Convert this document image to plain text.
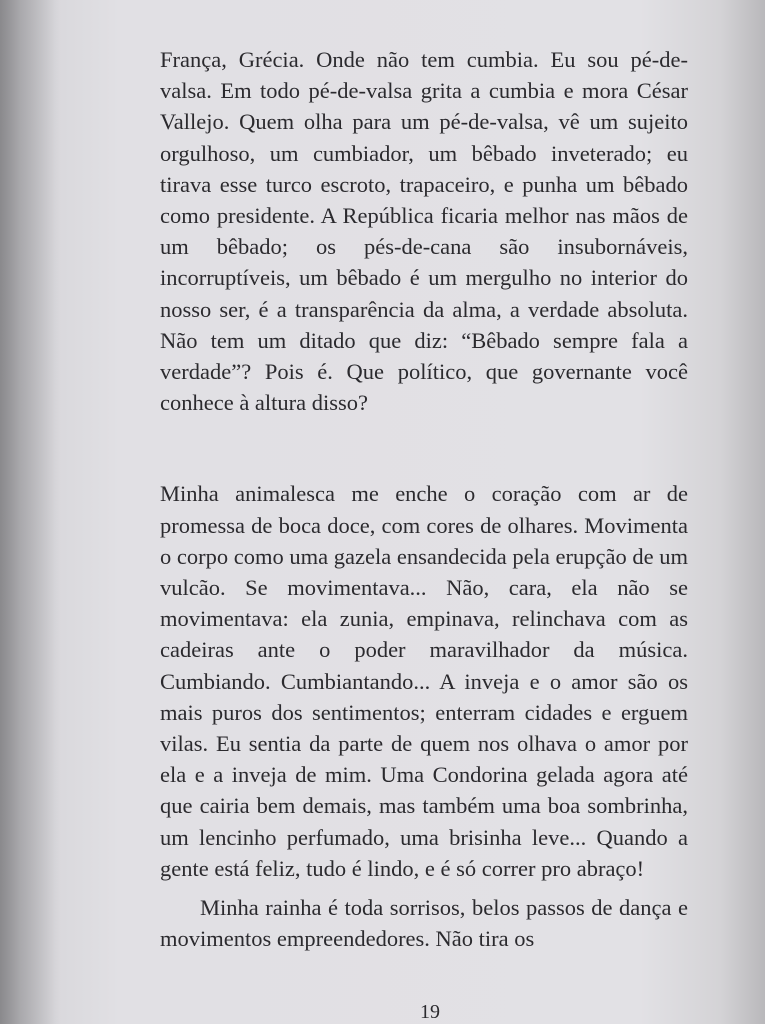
França, Grécia. Onde não tem cumbia. Eu sou pé-de-valsa. Em todo pé-de-valsa grita a cumbia e mora César Vallejo. Quem olha para um pé-de-valsa, vê um sujeito orgulhoso, um cumbiador, um bêbado inveterado; eu tirava esse turco escroto, trapaceiro, e punha um bêbado como presidente. A República ficaria melhor nas mãos de um bêbado; os pés-de-cana são insubornáveis, incorruptíveis, um bêbado é um mergulho no interior do nosso ser, é a transparência da alma, a verdade absoluta. Não tem um ditado que diz: “Bêbado sempre fala a verdade”? Pois é. Que político, que governante você conhece à altura disso?

Minha animalesca me enche o coração com ar de promessa de boca doce, com cores de olhares. Movimenta o corpo como uma gazela ensandecida pela erupção de um vulcão. Se movimentava... Não, cara, ela não se movimentava: ela zunia, empinava, relinchava com as cadeiras ante o poder maravilhador da música. Cumbiando. Cumbiantando... A inveja e o amor são os mais puros dos sentimentos; enterram cidades e erguem vilas. Eu sentia da parte de quem nos olhava o amor por ela e a inveja de mim. Uma Condorina gelada agora até que cairia bem demais, mas também uma boa sombrinha, um lencinho perfumado, uma brisinha leve... Quando a gente está feliz, tudo é lindo, e é só correr pro abraço!

Minha rainha é toda sorrisos, belos passos de dança e movimentos empreendedores. Não tira os

19
